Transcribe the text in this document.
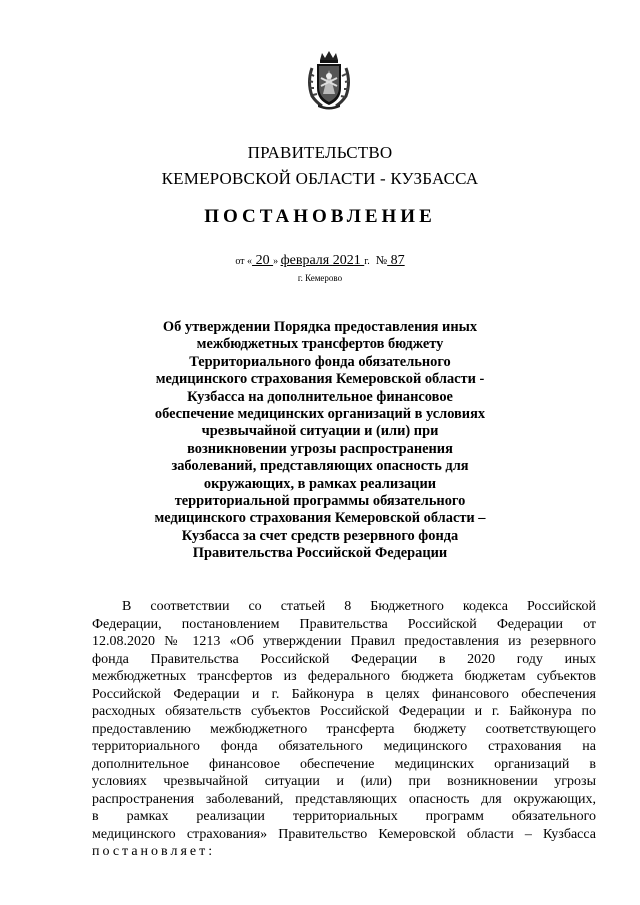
ПРАВИТЕЛЬСТВО
КЕМЕРОВСКОЙ ОБЛАСТИ - КУЗБАССА
ПОСТАНОВЛЕНИЕ
от « 20 » февраля 2021 г. № 87
г. Кемерово
Об утверждении Порядка предоставления иных
межбюджетных трансфертов бюджету
Территориального фонда обязательного
медицинского страхования Кемеровской области -
Кузбасса на дополнительное финансовое
обеспечение медицинских организаций в условиях
чрезвычайной ситуации и (или) при
возникновении угрозы распространения
заболеваний, представляющих опасность для
окружающих, в рамках реализации
территориальной программы обязательного
медицинского страхования Кемеровской области –
Кузбасса за счет средств резервного фонда
Правительства Российской Федерации
В соответствии со статьей 8 Бюджетного кодекса Российской
Федерации, постановлением Правительства Российской Федерации от
12.08.2020 № 1213 «Об утверждении Правил предоставления из резервного
фонда Правительства Российской Федерации в 2020 году иных
межбюджетных трансфертов из федерального бюджета бюджетам субъектов
Российской Федерации и г. Байконура в целях финансового обеспечения
расходных обязательств субъектов Российской Федерации и г. Байконура по
предоставлению межбюджетного трансферта бюджету соответствующего
территориального фонда обязательного медицинского страхования на
дополнительное финансовое обеспечение медицинских организаций в
условиях чрезвычайной ситуации и (или) при возникновении угрозы
распространения заболеваний, представляющих опасность для окружающих,
в рамках реализации территориальных программ обязательного
медицинского страхования» Правительство Кемеровской области – Кузбасса
постановляет:
